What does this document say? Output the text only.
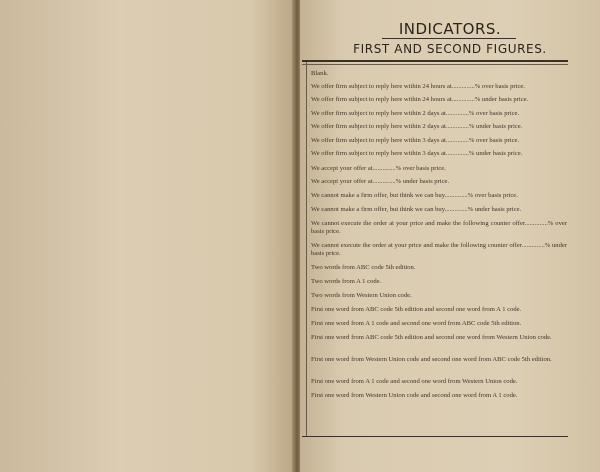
INDICATORS.
FIRST AND SECOND FIGURES.
Blank.
We offer firm subject to reply here within 24 hours at..............% over basis price.
We offer firm subject to reply here within 24 hours at..............% under basis price.
We offer firm subject to reply here within 2 days at..............% over basis price.
We offer firm subject to reply here within 2 days at..............% under basis price.
We offer firm subject to reply here within 3 days at..............% over basis price.
We offer firm subject to reply here within 3 days at..............% under basis price.
We accept your offer at..............% over basis price.
We accept your offer at..............% under basis price.
We cannot make a firm offer, but think we can buy..............% over basis price.
We cannot make a firm offer, but think we can buy..............% under basis price.
We cannot execute the order at your price and make the following counter offer..............% over basis price.
We cannot execute the order at your price and make the following counter offer..............% under basis price.
Two words from ABC code 5th edition.
Two words from A 1 code.
Two words from Western Union code.
First one word from ABC code 5th edition and second one word from A 1 code.
First one word from A 1 code and second one word from ABC code 5th edition.
First one word from ABC code 5th edition and second one word from Western Union code.
First one word from Western Union code and second one word from ABC code 5th edition.
First one word from A 1 code and second one word from Western Union code.
First one word from Western Union code and second one word from A 1 code.
